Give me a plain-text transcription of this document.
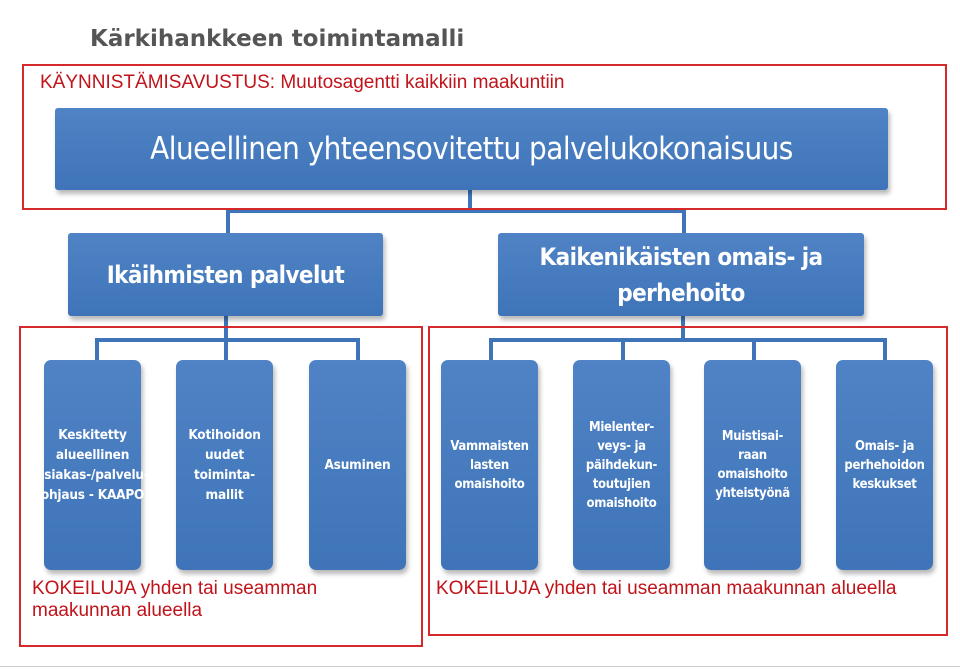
Kärkihankkeen toimintamalli
KÄYNNISTÄMISAVUSTUS: Muutosagentti kaikkiin maakuntiin
Alueellinen yhteensovitettu palvelukokonaisuus
Ikäihmisten palvelut
Kaikenikäisten omais- ja perhehoito
Keskitetty alueellinen asiakas-/palvelu-ohjaus - KAAPO
Kotihoidon uudet toiminta-mallit
Asuminen
Vammaisten lasten omaishoito
Mielenter-veys- ja päihdekun-toutujien omaishoito
Muistisai-raan omaishoito yhteistyönä
Omais- ja perhehoidon keskukset
KOKEILUJA yhden tai useamman maakunnan alueella
KOKEILUJA yhden tai useamman maakunnan alueella
